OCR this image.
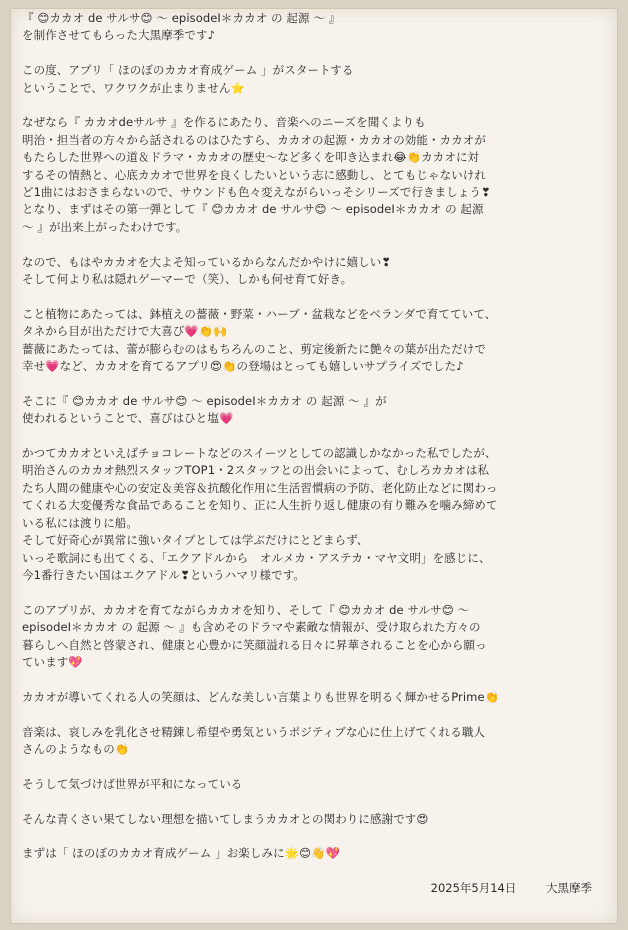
『 😊カカオ de サルサ😊 ～ episodeⅠ＊カカオ の 起源 ～ 』
を制作させてもらった大黒摩季です♪

この度、アプリ「 ほのぼのカカオ育成ゲーム 」がスタートする
ということで、ワクワクが止まりません⭐

なぜなら『 カカオdeサルサ 』を作るにあたり、音楽へのニーズを聞くよりも
明治・担当者の方々から話されるのはひたすら、カカオの起源・カカオの効能・カカオが
もたらした世界への道＆ドラマ・カカオの歴史～など多くを叩き込まれ😂👏カカオに対
するその情熱と、心底カカオで世界を良くしたいという志に感動し、とてもじゃないけれ
ど1曲にはおさまらないので、サウンドも色々変えながらいっそシリーズで行きましょう❣
となり、まずはその第一弾として『 😊カカオ de サルサ😊 ～ episodeⅠ＊カカオ の 起源
～ 』が出来上がったわけです。

なので、もはやカカオを大よそ知っているからなんだかやけに嬉しい❣
そして何より私は隠れゲーマーで（笑）、しかも何せ育て好き。

こと植物にあたっては、鉢植えの薔薇・野菜・ハーブ・盆栽などをベランダで育てていて、
タネから目が出ただけで大喜び💗👏🙌
薔薇にあたっては、蕾が膨らむのはもちろんのこと、剪定後新たに艶々の葉が出ただけで
幸せ💗など、カカオを育てるアプリ😍👏の登場はとっても嬉しいサプライズでした♪

そこに『 😊カカオ de サルサ😊 ～ episodeⅠ＊カカオ の 起源 ～ 』が
使われるということで、喜びはひと塩💗

かつてカカオといえばチョコレートなどのスイーツとしての認識しかなかった私でしたが、
明治さんのカカオ熱烈スタッフTOP1・2スタッフとの出会いによって、むしろカカオは私
たち人間の健康や心の安定＆美容＆抗酸化作用に生活習慣病の予防、老化防止などに関わっ
てくれる大変優秀な食品であることを知り、正に人生折り返し健康の有り難みを噛み締めて
いる私には渡りに船。
そして好奇心が異常に強いタイプとしては学ぶだけにとどまらず、
いっそ歌詞にも出てくる、「エクアドルから　オルメカ・アステカ・マヤ文明」を感じに、
今1番行きたい国はエクアドル❣というハマリ様です。

このアプリが、カカオを育てながらカカオを知り、そして『 😊カカオ de サルサ😊 ～
episodeⅠ＊カカオ の 起源 ～ 』も含めそのドラマや素敵な情報が、受け取られた方々の
暮らしへ自然と啓蒙され、健康と心豊かに笑顔溢れる日々に昇華されることを心から願っ
ています💖

カカオが導いてくれる人の笑顔は、どんな美しい言葉よりも世界を明るく輝かせるPrime👏

音楽は、哀しみを乳化させ精錬し希望や勇気というポジティブな心に仕上げてくれる職人
さんのようなもの👏

そうして気づけば世界が平和になっている

そんな青くさい果てしない理想を描いてしまうカカオとの関わりに感謝です😍

まずは「 ほのぼのカカオ育成ゲーム 」お楽しみに🌟😊👋💖

2025年5月14日	大黒摩季
